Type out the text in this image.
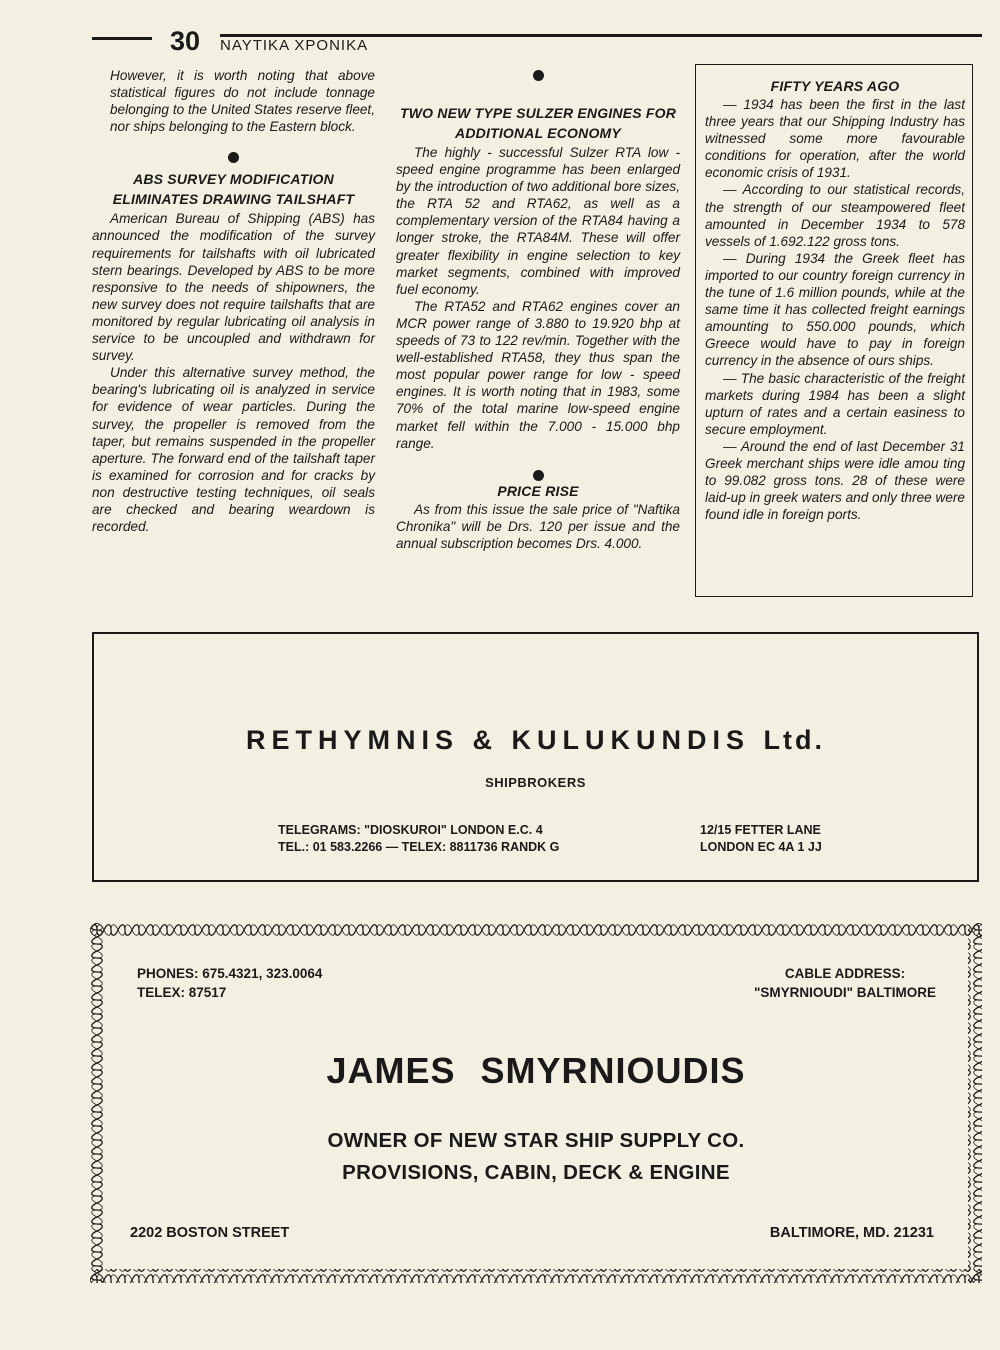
30 ΝΑΥΤΙΚΑ ΧΡΟΝΙΚΑ

However, it is worth noting that above statistical figures do not include tonnage belonging to the United States reserve fleet, nor ships belonging to the Eastern block.

ABS SURVEY MODIFICATION ELIMINATES DRAWING TAILSHAFT

American Bureau of Shipping (ABS) has announced the modification of the survey requirements for tailshafts with oil lubricated stern bearings. Developed by ABS to be more responsive to the needs of shipowners, the new survey does not require tailshafts that are monitored by regular lubricating oil analysis in service to be uncoupled and withdrawn for survey.

Under this alternative survey method, the bearing's lubricating oil is analyzed in service for evidence of wear particles. During the survey, the propeller is removed from the taper, but remains suspended in the propeller aperture. The forward end of the tailshaft taper is examined for corrosion and for cracks by non destructive testing techniques, oil seals are checked and bearing weardown is recorded.

TWO NEW TYPE SULZER ENGINES FOR ADDITIONAL ECONOMY

The highly - successful Sulzer RTA low - speed engine programme has been enlarged by the introduction of two additional bore sizes, the RTA 52 and RTA62, as well as a complementary version of the RTA84 having a longer stroke, the RTA84M. These will offer greater flexibility in engine selection to key market segments, combined with improved fuel economy.

The RTA52 and RTA62 engines cover an MCR power range of 3.880 to 19.920 bhp at speeds of 73 to 122 rev/min. Together with the well-established RTA58, they thus span the most popular power range for low - speed engines. It is worth noting that in 1983, some 70% of the total marine low-speed engine market fell within the 7.000 - 15.000 bhp range.

PRICE RISE

As from this issue the sale price of "Naftika Chronika" will be Drs. 120 per issue and the annual subscription becomes Drs. 4.000.

FIFTY YEARS AGO

— 1934 has been the first in the last three years that our Shipping Industry has witnessed some more favourable conditions for operation, after the world economic crisis of 1931.

— According to our statistical records, the strength of our steampowered fleet amounted in December 1934 to 578 vessels of 1.692.122 gross tons.

— During 1934 the Greek fleet has imported to our country foreign currency in the tune of 1.6 million pounds, while at the same time it has collected freight earnings amounting to 550.000 pounds, which Greece would have to pay in foreign currency in the absence of ours ships.

— The basic characteristic of the freight markets during 1984 has been a slight upturn of rates and a certain easiness to secure employment.

— Around the end of last December 31 Greek merchant ships were idle amou ting to 99.082 gross tons. 28 of these were laid-up in greek waters and only three were found idle in foreign ports.

RETHYMNIS & KULUKUNDIS Ltd.
SHIPBROKERS
TELEGRAMS: "DIOSKUROI" LONDON E.C. 4
TEL.: 01 583.2266 — TELEX: 8811736 RANDK G
12/15 FETTER LANE
LONDON EC 4A 1 JJ
PHONES: 675.4321, 323.0064
TELEX: 87517
CABLE ADDRESS:
"SMYRNIOUDI" BALTIMORE
JAMES SMYRNIOUDIS
OWNER OF NEW STAR SHIP SUPPLY CO.
PROVISIONS, CABIN, DECK & ENGINE
2202 BOSTON STREET	BALTIMORE, MD. 21231
